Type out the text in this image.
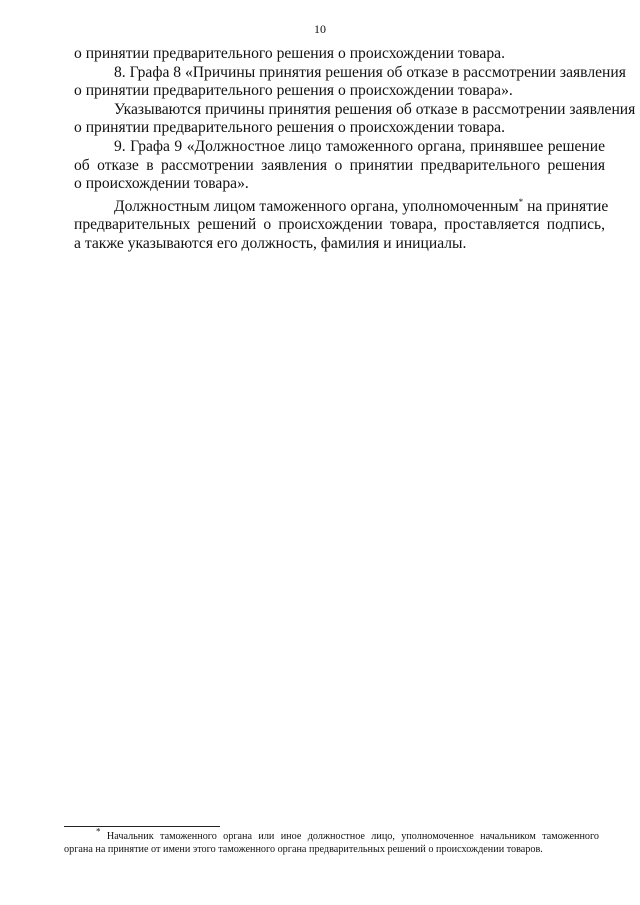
10
о принятии предварительного решения о происхождении товара.
8. Графа 8 «Причины принятия решения об отказе в рассмотрении заявления
о принятии предварительного решения о происхождении товара».
Указываются причины принятия решения об отказе в рассмотрении заявления
о принятии предварительного решения о происхождении товара.
9. Графа 9 «Должностное лицо таможенного органа, принявшее решение
об отказе в рассмотрении заявления о принятии предварительного решения
о происхождении товара».
Должностным лицом таможенного органа, уполномоченным* на принятие
предварительных решений о происхождении товара, проставляется подпись,
а также указываются его должность, фамилия и инициалы.
* Начальник таможенного органа или иное должностное лицо, уполномоченное начальником таможенного
органа на принятие от имени этого таможенного органа предварительных решений о происхождении товаров.
